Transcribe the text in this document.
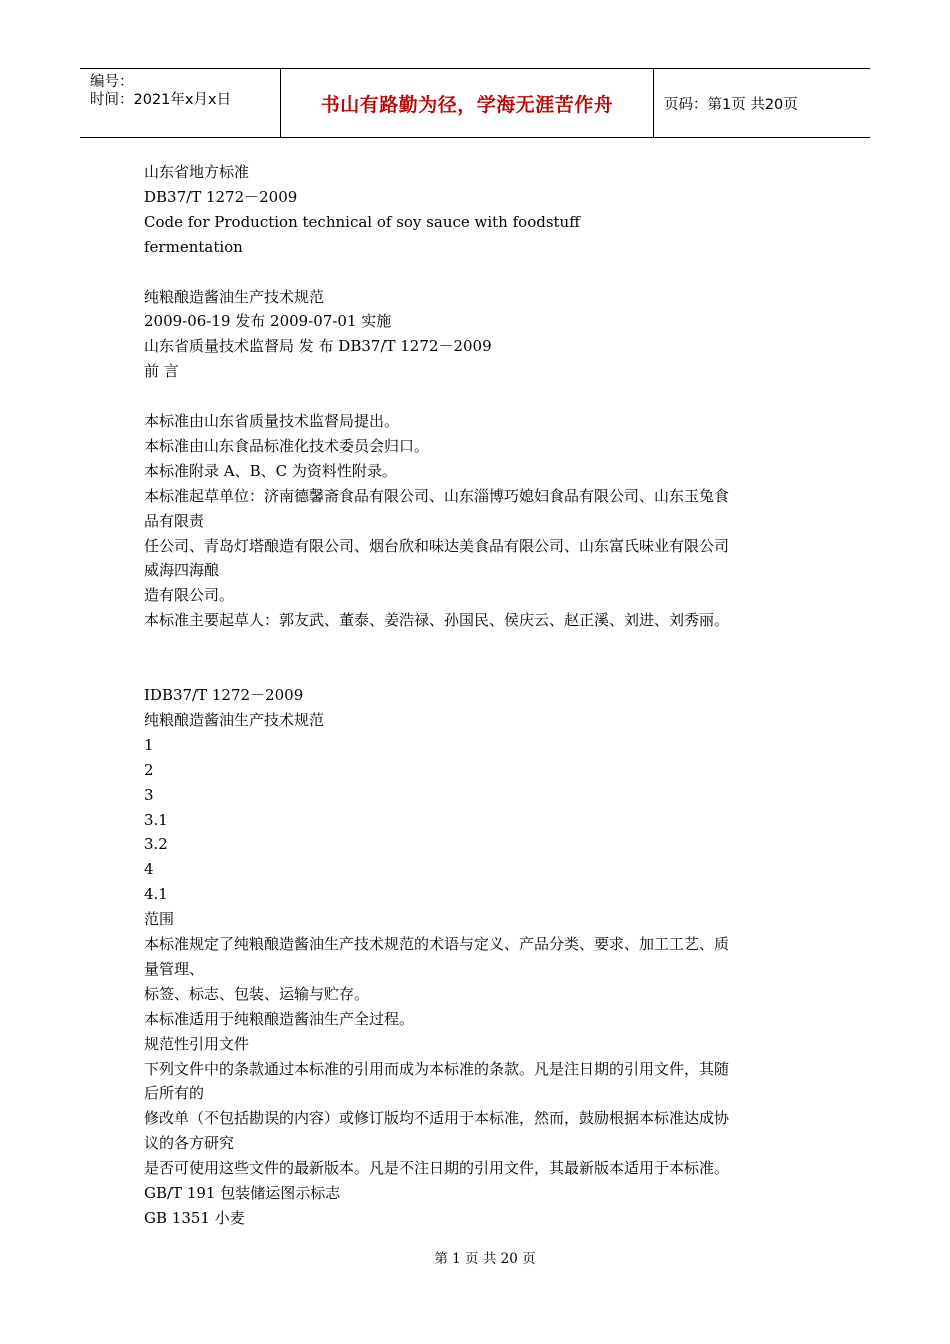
编号：
时间：2021年x月x日	书山有路勤为径，学海无涯苦作舟	页码：第1页 共20页
山东省地方标准
DB37/T 1272－2009
Code for Production technical of soy sauce with foodstuff
fermentation
纯粮酿造酱油生产技术规范
2009-06-19 发布 2009-07-01 实施
山东省质量技术监督局 发 布 DB37/T 1272－2009
前 言
本标准由山东省质量技术监督局提出。
本标准由山东食品标准化技术委员会归口。
本标准附录 A、B、C 为资料性附录。
本标准起草单位：济南德馨斋食品有限公司、山东淄博巧媳妇食品有限公司、山东玉兔食
品有限责
任公司、青岛灯塔酿造有限公司、烟台欣和味达美食品有限公司、山东富氏味业有限公司
威海四海酿
造有限公司。
本标准主要起草人：郭友武、董泰、姜浩禄、孙国民、侯庆云、赵正溪、刘进、刘秀丽。
IDB37/T 1272－2009
纯粮酿造酱油生产技术规范
1
2
3
3.1
3.2
4
4.1
范围
本标准规定了纯粮酿造酱油生产技术规范的术语与定义、产品分类、要求、加工工艺、质
量管理、
标签、标志、包装、运输与贮存。
本标准适用于纯粮酿造酱油生产全过程。
规范性引用文件
下列文件中的条款通过本标准的引用而成为本标准的条款。凡是注日期的引用文件，其随
后所有的
修改单（不包括勘误的内容）或修订版均不适用于本标准，然而，鼓励根据本标准达成协
议的各方研究
是否可使用这些文件的最新版本。凡是不注日期的引用文件，其最新版本适用于本标准。
GB/T 191 包装储运图示标志
GB 1351 小麦
第 1 页 共 20 页
